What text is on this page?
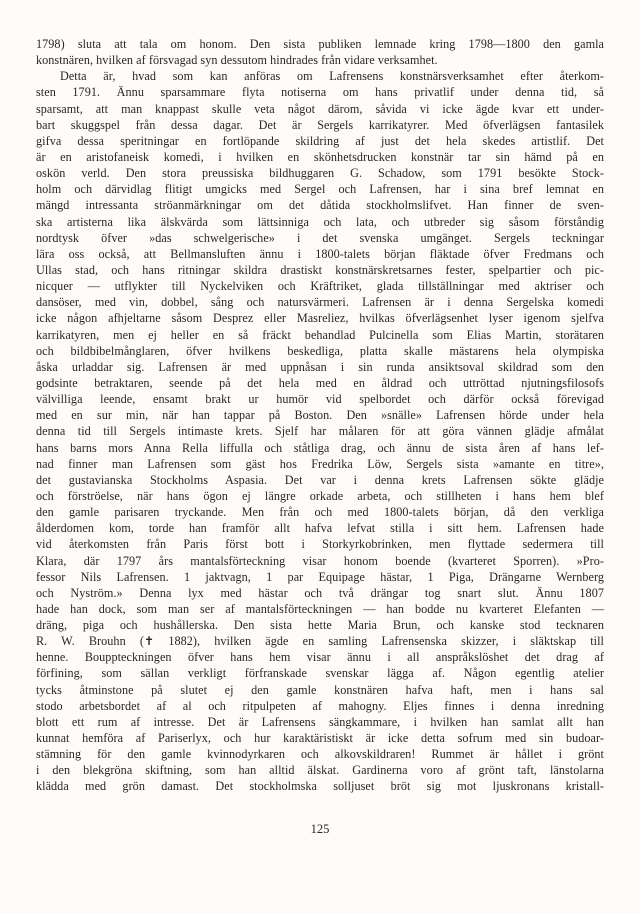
1798) sluta att tala om honom. Den sista publiken lemnade kring 1798—1800 den gamla
konstnären, hvilken af försvagad syn dessutom hindrades från vidare verksamhet.
Detta är, hvad som kan anföras om Lafrensens konstnärsverksamhet efter återkom-
sten 1791. Ännu sparsammare flyta notiserna om hans privatlif under denna tid, så
sparsamt, att man knappast skulle veta något därom, såvida vi icke ägde kvar ett under-
bart skuggspel från dessa dagar. Det är Sergels karrikatyrer. Med öfverlägsen fantasilek
gifva dessa speritningar en fortlöpande skildring af just det hela skedes artistlif. Det
är en aristofaneisk komedi, i hvilken en skönhetsdrucken konstnär tar sin hämd på en
oskön verld. Den stora preussiska bildhuggaren G. Schadow, som 1791 besökte Stock-
holm och därvidlag flitigt umgicks med Sergel och Lafrensen, har i sina bref lemnat en
mängd intressanta ströanmärkningar om det dåtida stockholmslifvet. Han finner de sven-
ska artisterna lika älskvärda som lättsinniga och lata, och utbreder sig såsom förståndig
nordtysk öfver »das schwelgerische» i det svenska umgänget. Sergels teckningar
lära oss också, att Bellmansluften ännu i 1800-talets början fläktade öfver Fredmans och
Ullas stad, och hans ritningar skildra drastiskt konstnärskretsarnes fester, spelpartier och pic-
nicquer — utflykter till Nyckelviken och Kräftriket, glada tillställningar med aktriser och
dansöser, med vin, dobbel, sång och natursvärmeri. Lafrensen är i denna Sergelska komedi
icke någon afhjeltarne såsom Desprez eller Masreliez, hvilkas öfverlägsenhet lyser igenom sjelfva
karrikatyren, men ej heller en så fräckt behandlad Pulcinella som Elias Martin, storätaren
och bildbibelmånglaren, öfver hvilkens beskedliga, platta skalle mästarens hela olympiska
åska urladdar sig. Lafrensen är med uppnåsan i sin runda ansiktsoval skildrad som den
godsinte betraktaren, seende på det hela med en åldrad och uttröttad njutningsfilosofs
välvilliga leende, ensamt brakt ur humör vid spelbordet och därför också förevigad
med en sur min, när han tappar på Boston. Den »snälle» Lafrensen hörde under hela
denna tid till Sergels intimaste krets. Sjelf har målaren för att göra vännen glädje afmålat
hans barns mors Anna Rella liffulla och ståtliga drag, och ännu de sista åren af hans lef-
nad finner man Lafrensen som gäst hos Fredrika Löw, Sergels sista »amante en titre»,
det gustavianska Stockholms Aspasia. Det var i denna krets Lafrensen sökte glädje
och förströelse, när hans ögon ej längre orkade arbeta, och stillheten i hans hem blef
den gamle parisaren tryckande. Men från och med 1800-talets början, då den verkliga
ålderdomen kom, torde han framför allt hafva lefvat stilla i sitt hem. Lafrensen hade
vid återkomsten från Paris först bott i Storkyrkobrinken, men flyttade sedermera till
Klara, där 1797 års mantalsförteckning visar honom boende (kvarteret Sporren). »Pro-
fessor Nils Lafrensen. 1 jaktvagn, 1 par Equipage hästar, 1 Piga, Drängarne Wernberg
och Nyström.» Denna lyx med hästar och två drängar tog snart slut. Ännu 1807
hade han dock, som man ser af mantalsförteckningen — han bodde nu kvarteret Elefanten —
dräng, piga och hushållerska. Den sista hette Maria Brun, och kanske stod tecknaren
R. W. Brouhn (✝ 1882), hvilken ägde en samling Lafrensenska skizzer, i släktskap till
henne. Bouppteckningen öfver hans hem visar ännu i all anspråkslöshet det drag af
förfining, som sällan verkligt förfranskade svenskar lägga af. Någon egentlig atelier
tycks åtminstone på slutet ej den gamle konstnären hafva haft, men i hans sal
stodo arbetsbordet af al och ritpulpeten af mahogny. Eljes finnes i denna inredning
blott ett rum af intresse. Det är Lafrensens sängkammare, i hvilken han samlat allt han
kunnat hemföra af Pariserlyx, och hur karaktäristiskt är icke detta sofrum med sin budoar-
stämning för den gamle kvinnodyrkaren och alkovskildraren! Rummet är hållet i grönt
i den blekgröna skiftning, som han alltid älskat. Gardinerna voro af grönt taft, länstolarna
klädda med grön damast. Det stockholmska solljuset bröt sig mot ljuskronans kristall-
125
